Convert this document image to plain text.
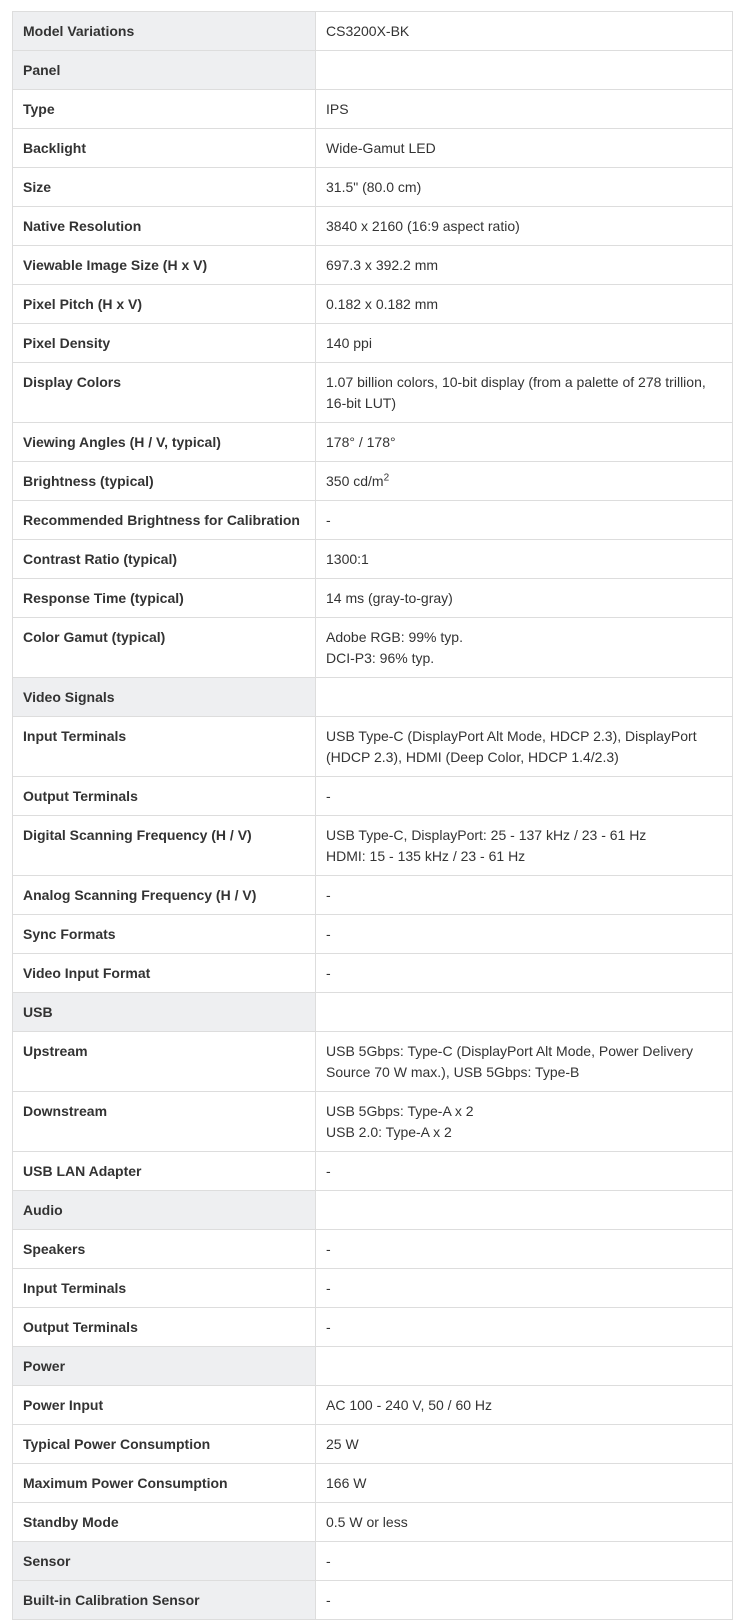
Model Variations	CS3200X-BK
Panel	
Type	IPS
Backlight	Wide-Gamut LED
Size	31.5" (80.0 cm)
Native Resolution	3840 x 2160 (16:9 aspect ratio)
Viewable Image Size (H x V)	697.3 x 392.2 mm
Pixel Pitch (H x V)	0.182 x 0.182 mm
Pixel Density	140 ppi
Display Colors	1.07 billion colors, 10-bit display (from a palette of 278 trillion, 16-bit LUT)
Viewing Angles (H / V, typical)	178° / 178°
Brightness (typical)	350 $cd/m^2$
Recommended Brightness for Calibration	-
Contrast Ratio (typical)	1300:1
Response Time (typical)	14 ms (gray-to-gray)
Color Gamut (typical)	Adobe RGB: 99% typ.
DCI-P3: 96% typ.
Video Signals	
Input Terminals	USB Type-C (DisplayPort Alt Mode, HDCP 2.3), DisplayPort (HDCP 2.3), HDMI (Deep Color, HDCP 1.4/2.3)
Output Terminals	-
Digital Scanning Frequency (H / V)	USB Type-C, DisplayPort: 25 - 137 kHz / 23 - 61 Hz
HDMI: 15 - 135 kHz / 23 - 61 Hz
Analog Scanning Frequency (H / V)	-
Sync Formats	-
Video Input Format	-
USB	
Upstream	USB 5Gbps: Type-C (DisplayPort Alt Mode, Power Delivery Source 70 W max.), USB 5Gbps: Type-B
Downstream	USB 5Gbps: Type-A x 2
USB 2.0: Type-A x 2
USB LAN Adapter	-
Audio	
Speakers	-
Input Terminals	-
Output Terminals	-
Power	
Power Input	AC 100 - 240 V, 50 / 60 Hz
Typical Power Consumption	25 W
Maximum Power Consumption	166 W
Standby Mode	0.5 W or less
Sensor	-
Built-in Calibration Sensor	-
